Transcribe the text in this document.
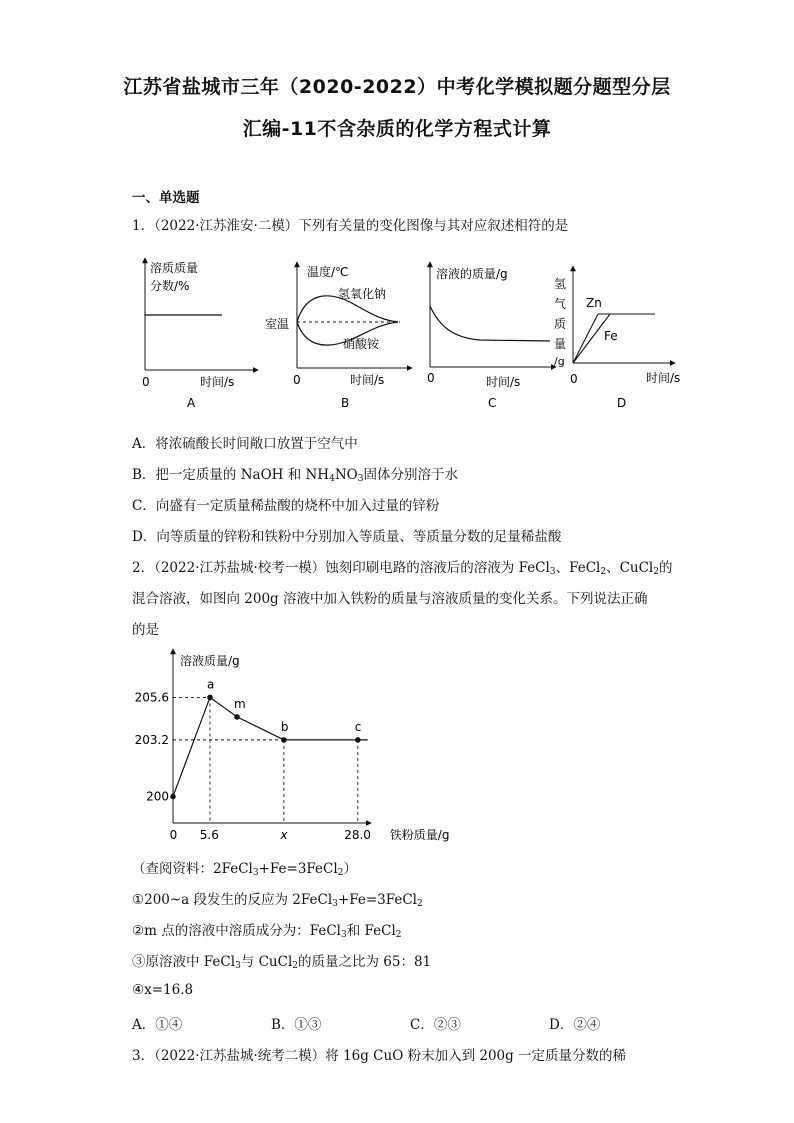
江苏省盐城市三年（2020-2022）中考化学模拟题分题型分层
汇编-11不含杂质的化学方程式计算
一、单选题
1．（2022·江苏淮安·二模）下列有关量的变化图像与其对应叙述相符的是
溶质质量
分数/%
0	时间/s
A
温度/℃
室温
氢氧化钠
硝酸铵
0	时间/s
B
溶液的质量/g
0	时间/s
C
氢
气
质
量
/g
Zn
Fe
0	时间/s
D
A．将浓硫酸长时间敞口放置于空气中
B．把一定质量的 NaOH 和 $NH_4NO_3$固体分别溶于水
C．向盛有一定质量稀盐酸的烧杯中加入过量的锌粉
D．向等质量的锌粉和铁粉中分别加入等质量、等质量分数的足量稀盐酸
2．（2022·江苏盐城·校考一模）蚀刻印刷电路的溶液后的溶液为 FeCl$_3$、FeCl$_2$、CuCl$_2$的
混合溶液，如图向 200g 溶液中加入铁粉的质量与溶液质量的变化关系。下列说法正确
的是
a
m
b	c
溶液质量/g
铁粉质量/g
0 5.6	x	28.0
200
203.2
205.6
（查阅资料：2FeCl$_3$+Fe=3FeCl$_2$）
①200~a 段发生的反应为 2FeCl$_3$+Fe=3FeCl$_2$
②m 点的溶液中溶质成分为：FeCl$_3$和 FeCl$_2$
③原溶液中 FeCl$_3$与 CuCl$_2$的质量之比为 65：81
④x=16.8
A．①④	B．①③	C．②③	D．②④
3．（2022·江苏盐城·统考二模）将 16g CuO 粉末加入到 200g 一定质量分数的稀
